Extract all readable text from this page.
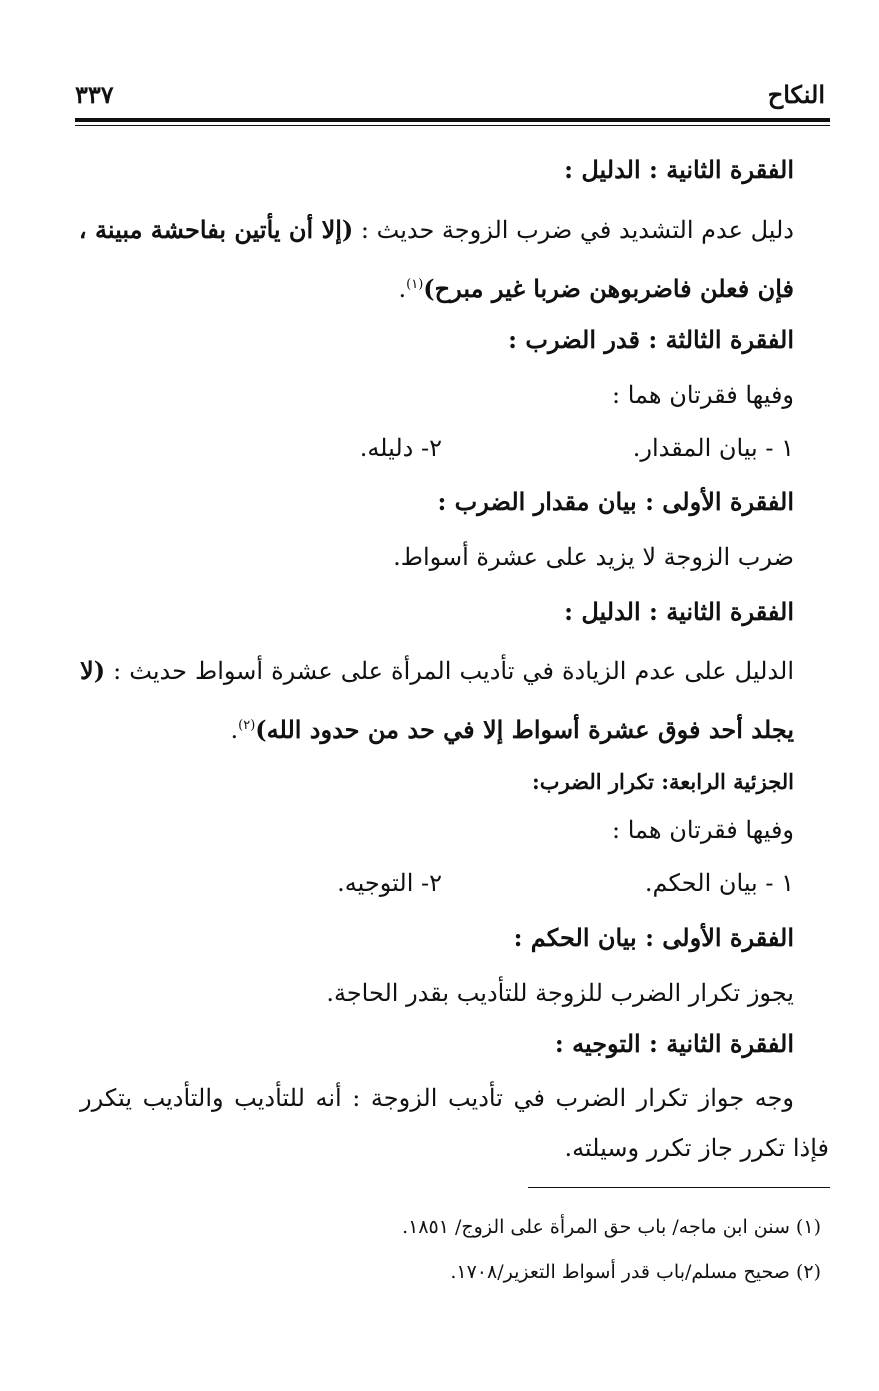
النكاح
٣٣٧
الفقرة الثانية : الدليل :
دليل عدم التشديد في ضرب الزوجة حديث : (إلا أن يأتين بفاحشة مبينة ،
فإن فعلن فاضربوهن ضربا غير مبرح)$^{(١)}$.
الفقرة الثالثة : قدر الضرب :
وفيها فقرتان هما :
١ - بيان المقدار.
٢- دليله.
الفقرة الأولى : بيان مقدار الضرب :
ضرب الزوجة لا يزيد على عشرة أسواط.
الفقرة الثانية : الدليل :
الدليل على عدم الزيادة في تأديب المرأة على عشرة أسواط حديث : (لا
يجلد أحد فوق عشرة أسواط إلا في حد من حدود الله)$^{(٢)}$.
الجزئية الرابعة: تكرار الضرب:
وفيها فقرتان هما :
١ - بيان الحكم.
٢- التوجيه.
الفقرة الأولى : بيان الحكم :
يجوز تكرار الضرب للزوجة للتأديب بقدر الحاجة.
الفقرة الثانية : التوجيه :
وجه جواز تكرار الضرب في تأديب الزوجة : أنه للتأديب والتأديب يتكرر
فإذا تكرر جاز تكرر وسيلته.
(١) سنن ابن ماجه/ باب حق المرأة على الزوج/ ١٨٥١.
(٢) صحيح مسلم/باب قدر أسواط التعزير/١٧٠٨.
